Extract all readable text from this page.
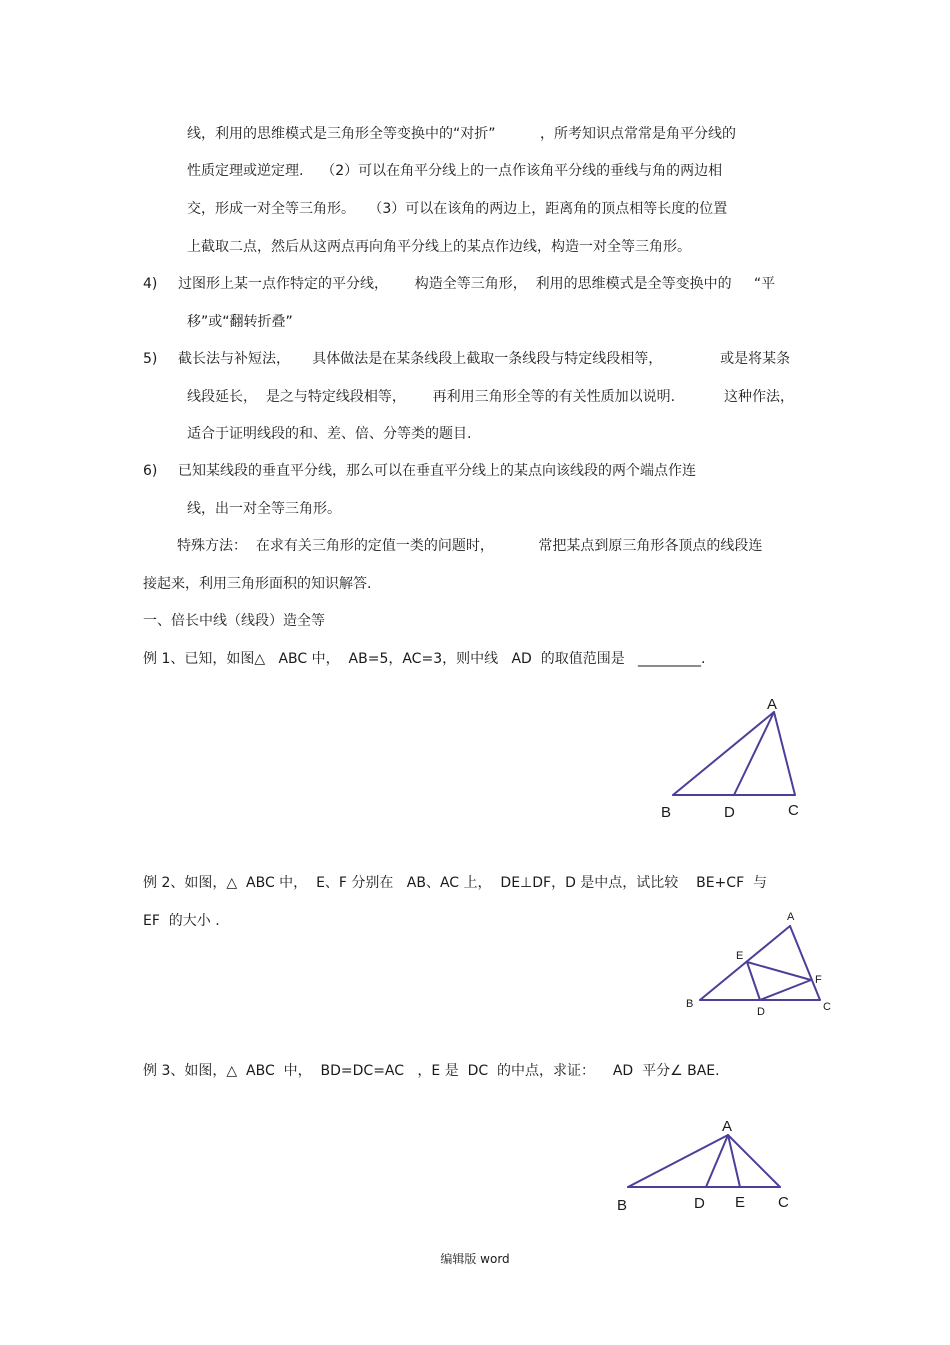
线，利用的思维模式是三角形全等变换中的“对折”          ，所考知识点常常是角平分线的
性质定理或逆定理.    （2）可以在角平分线上的一点作该角平分线的垂线与角的两边相
交，形成一对全等三角形。   （3）可以在该角的两边上，距离角的顶点相等长度的位置
上截取二点，然后从这两点再向角平分线上的某点作边线，构造一对全等三角形。
4) 过图形上某一点作特定的平分线，      构造全等三角形，  利用的思维模式是全等变换中的     “平
移”或“翻转折叠”
5) 截长法与补短法，     具体做法是在某条线段上截取一条线段与特定线段相等，             或是将某条
线段延长，  是之与特定线段相等，      再利用三角形全等的有关性质加以说明.           这种作法，
适合于证明线段的和、差、倍、分等类的题目.
6) 已知某线段的垂直平分线，那么可以在垂直平分线上的某点向该线段的两个端点作连
线，出一对全等三角形。
特殊方法：  在求有关三角形的定值一类的问题时，          常把某点到原三角形各顶点的线段连
接起来，利用三角形面积的知识解答.
一、倍长中线（线段）造全等
例 1、已知，如图△   ABC 中，  AB=5，AC=3，则中线   AD  的取值范围是   _________.
A
B	D	C
例 2、如图，△  ABC 中，  E、F 分别在   AB、AC 上，  DE⊥DF，D 是中点，试比较    BE+CF  与
EF  的大小 .	A
E
F
B
D	C
例 3、如图，△  ABC  中，  BD=DC=AC   ，E 是  DC  的中点，求证：    AD  平分∠ BAE.
A
B	D E C
编辑版 word
